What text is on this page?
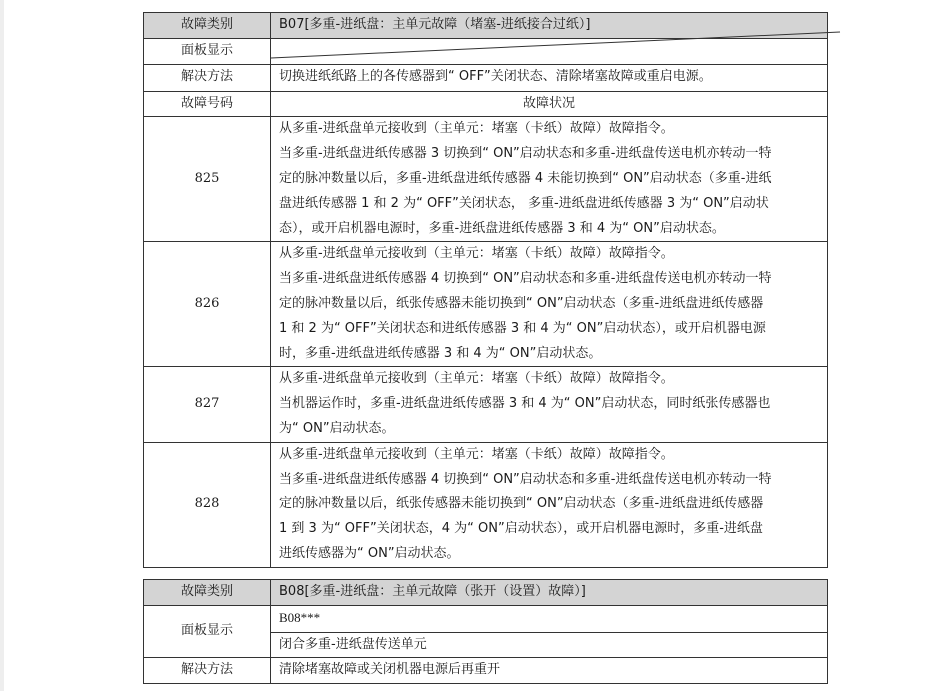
故障类别	B07[多重-进纸盘：主单元故障（堵塞-进纸接合过纸）]
面板显示	
解决方法	切换进纸纸路上的各传感器到“ OFF”关闭状态、清除堵塞故障或重启电源。
故障号码	故障状况
825	从多重-进纸盘单元接收到（主单元：堵塞（卡纸）故障）故障指令。
当多重-进纸盘进纸传感器 3 切换到“ ON”启动状态和多重-进纸盘传送电机亦转动一特
定的脉冲数量以后，多重-进纸盘进纸传感器 4 未能切换到“ ON”启动状态（多重-进纸
盘进纸传感器 1 和 2 为“ OFF”关闭状态， 多重-进纸盘进纸传感器 3 为“ ON”启动状
态），或开启机器电源时，多重-进纸盘进纸传感器 3 和 4 为“ ON”启动状态。

826	从多重-进纸盘单元接收到（主单元：堵塞（卡纸）故障）故障指令。
当多重-进纸盘进纸传感器 4 切换到“ ON”启动状态和多重-进纸盘传送电机亦转动一特
定的脉冲数量以后，纸张传感器未能切换到“ ON”启动状态（多重-进纸盘进纸传感器
1 和 2 为“ OFF”关闭状态和进纸传感器 3 和 4 为“ ON”启动状态），或开启机器电源
时，多重-进纸盘进纸传感器 3 和 4 为“ ON”启动状态。

827	从多重-进纸盘单元接收到（主单元：堵塞（卡纸）故障）故障指令。
当机器运作时，多重-进纸盘进纸传感器 3 和 4 为“ ON”启动状态，同时纸张传感器也
为“ ON”启动状态。

828	从多重-进纸盘单元接收到（主单元：堵塞（卡纸）故障）故障指令。
当多重-进纸盘进纸传感器 4 切换到“ ON”启动状态和多重-进纸盘传送电机亦转动一特
定的脉冲数量以后，纸张传感器未能切换到“ ON”启动状态（多重-进纸盘进纸传感器
1 到 3 为“ OFF”关闭状态，4 为“ ON”启动状态），或开启机器电源时，多重-进纸盘
进纸传感器为“ ON”启动状态。
故障类别	B08[多重-进纸盘：主单元故障（张开（设置）故障）]
面板显示	B08***
	闭合多重-进纸盘传送单元
解决方法	清除堵塞故障或关闭机器电源后再重开
